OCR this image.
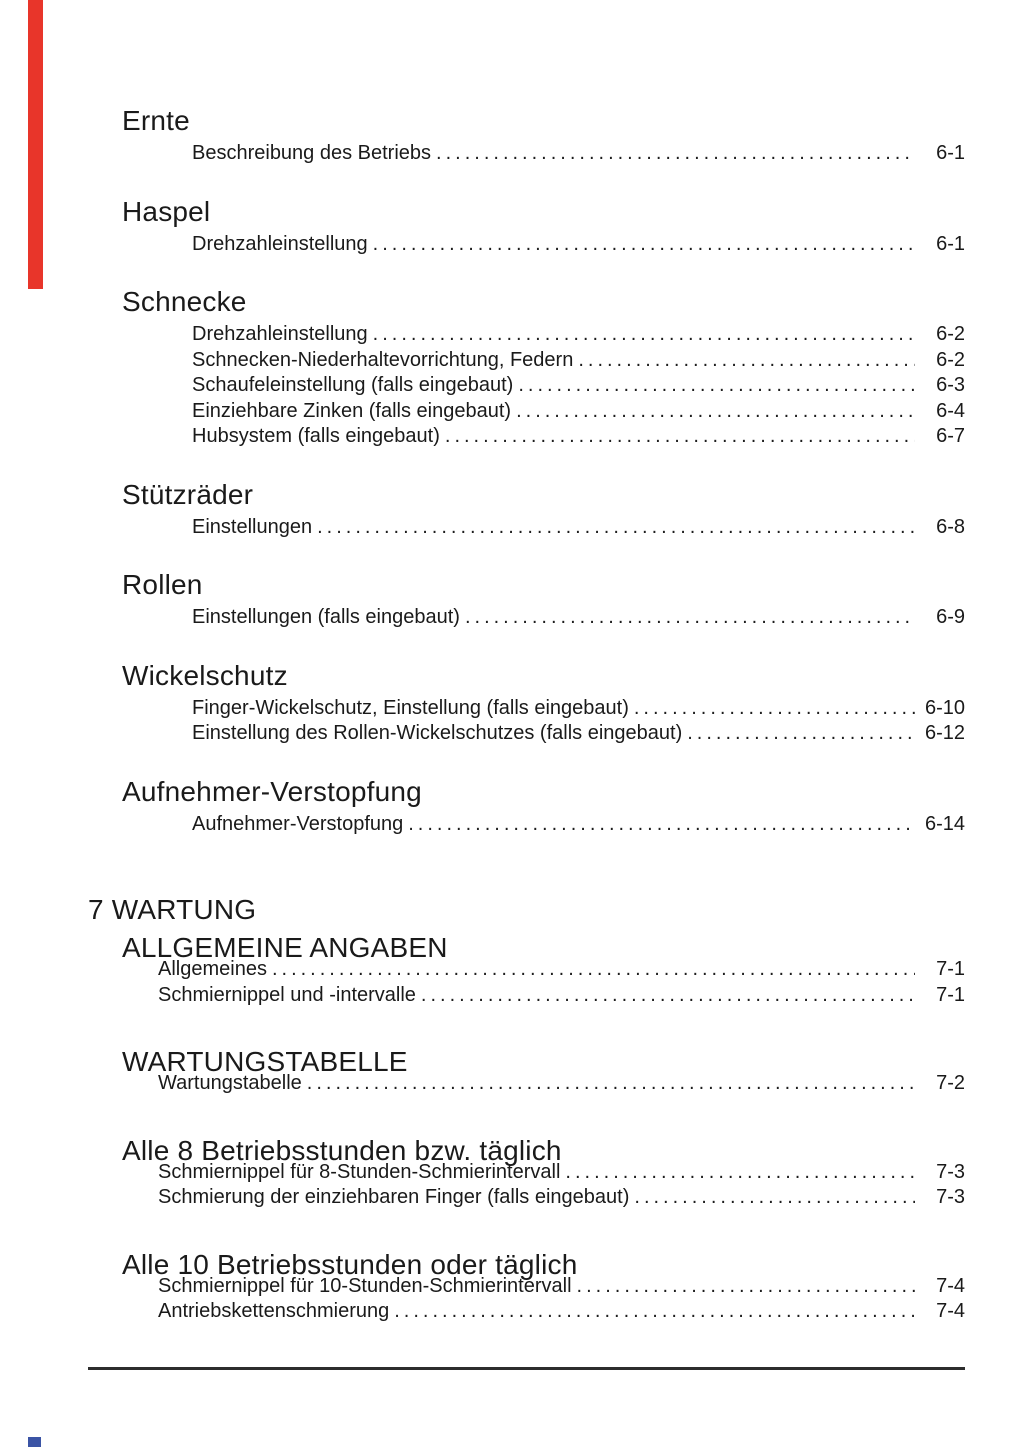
Ernte
Beschreibung des Betriebs .....	6-1
Haspel
Drehzahleinstellung .....	6-1
Schnecke
Drehzahleinstellung .....	6-2
Schnecken-Niederhaltevorrichtung, Federn .....	6-2
Schaufeleinstellung (falls eingebaut) .....	6-3
Einziehbare Zinken (falls eingebaut) .....	6-4
Hubsystem (falls eingebaut) .....	6-7
Stützräder
Einstellungen .....	6-8
Rollen
Einstellungen (falls eingebaut) .....	6-9
Wickelschutz
Finger-Wickelschutz, Einstellung (falls eingebaut) .....	6-10
Einstellung des Rollen-Wickelschutzes (falls eingebaut) .....	6-12
Aufnehmer-Verstopfung
Aufnehmer-Verstopfung .....	6-14
7 WARTUNG
ALLGEMEINE ANGABEN
Allgemeines .....	7-1
Schmiernippel und -intervalle .....	7-1
WARTUNGSTABELLE
Wartungstabelle .....	7-2
Alle 8 Betriebsstunden bzw. täglich
Schmiernippel für 8-Stunden-Schmierintervall .....	7-3
Schmierung der einziehbaren Finger (falls eingebaut) .....	7-3
Alle 10 Betriebsstunden oder täglich
Schmiernippel für 10-Stunden-Schmierintervall .....	7-4
Antriebskettenschmierung .....	7-4
